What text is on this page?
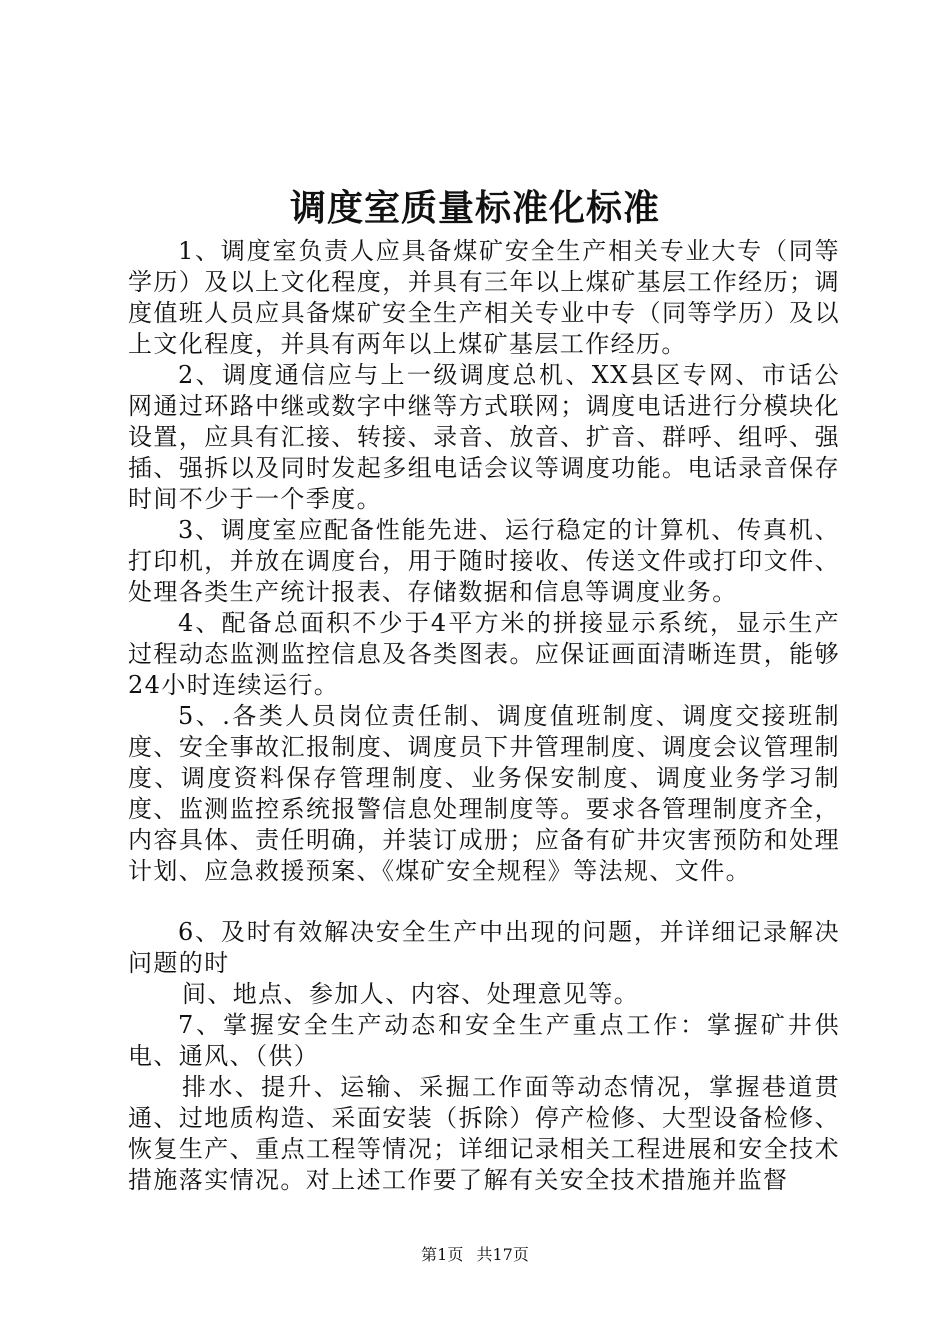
调度室质量标准化标准

1、调度室负责人应具备煤矿安全生产相关专业大专（同等学历）及以上文化程度，并具有三年以上煤矿基层工作经历；调度值班人员应具备煤矿安全生产相关专业中专（同等学历）及以上文化程度，并具有两年以上煤矿基层工作经历。

2、调度通信应与上一级调度总机、XX县区专网、市话公网通过环路中继或数字中继等方式联网；调度电话进行分模块化设置，应具有汇接、转接、录音、放音、扩音、群呼、组呼、强插、强拆以及同时发起多组电话会议等调度功能。电话录音保存时间不少于一个季度。

3、调度室应配备性能先进、运行稳定的计算机、传真机、打印机，并放在调度台，用于随时接收、传送文件或打印文件、处理各类生产统计报表、存储数据和信息等调度业务。

4、配备总面积不少于4平方米的拼接显示系统，显示生产过程动态监测监控信息及各类图表。应保证画面清晰连贯，能够24小时连续运行。

5、.各类人员岗位责任制、调度值班制度、调度交接班制度、安全事故汇报制度、调度员下井管理制度、调度会议管理制度、调度资料保存管理制度、业务保安制度、调度业务学习制度、监测监控系统报警信息处理制度等。要求各管理制度齐全，内容具体、责任明确，并装订成册；应备有矿井灾害预防和处理计划、应急救援预案、《煤矿安全规程》等法规、文件。

6、及时有效解决安全生产中出现的问题，并详细记录解决问题的时

间、地点、参加人、内容、处理意见等。

7、掌握安全生产动态和安全生产重点工作：掌握矿井供电、通风、（供）

排水、提升、运输、采掘工作面等动态情况，掌握巷道贯通、过地质构造、采面安装（拆除）停产检修、大型设备检修、恢复生产、重点工程等情况；详细记录相关工程进展和安全技术措施落实情况。对上述工作要了解有关安全技术措施并监督

第1页 共17页
